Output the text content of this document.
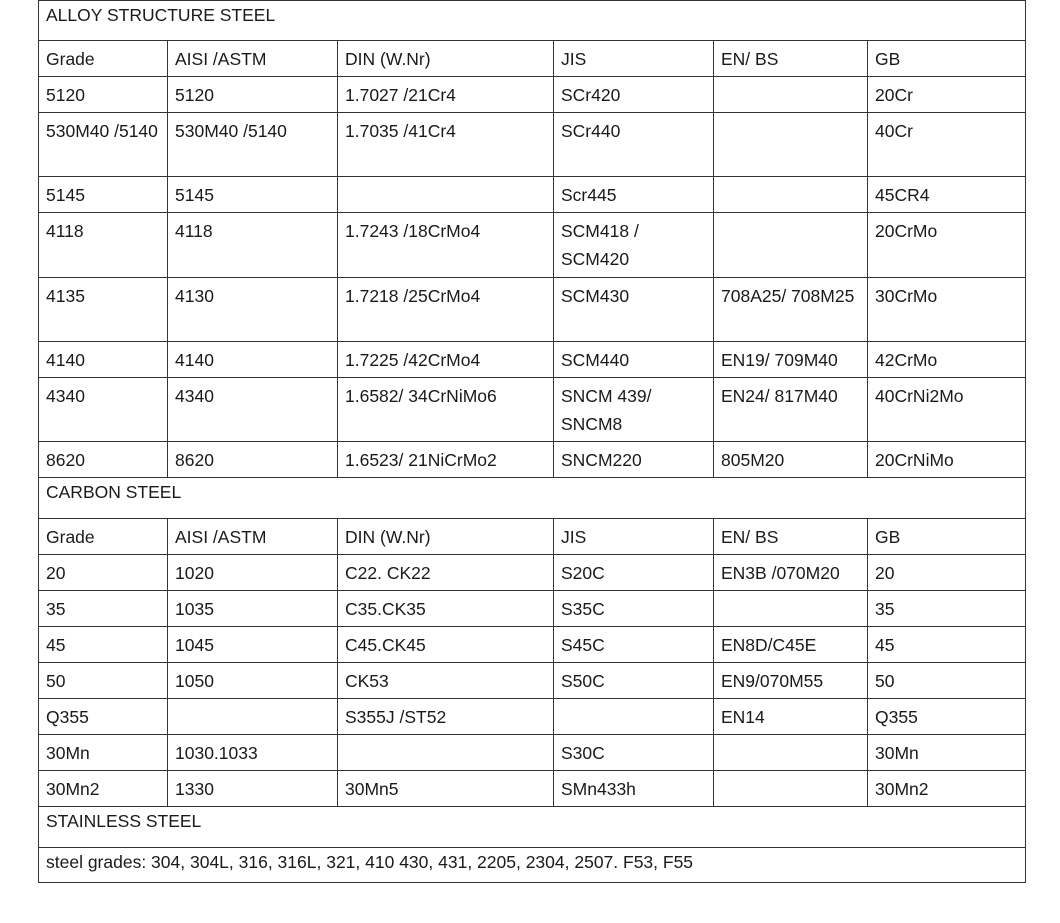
ALLOY STRUCTURE STEEL					
Grade	AISI /ASTM	DIN (W.Nr)	JIS	EN/ BS	GB
5120	5120	1.7027 /21Cr4	SCr420		20Cr
530M40 /5140	530M40 /5140	1.7035 /41Cr4	SCr440		40Cr
5145	5145		Scr445		45CR4
4118	4118	1.7243 /18CrMo4	SCM418 / SCM420		20CrMo
4135	4130	1.7218 /25CrMo4	SCM430	708A25/ 708M25	30CrMo
4140	4140	1.7225 /42CrMo4	SCM440	EN19/ 709M40	42CrMo
4340	4340	1.6582/ 34CrNiMo6	SNCM 439/ SNCM8	EN24/ 817M40	40CrNi2Mo
8620	8620	1.6523/ 21NiCrMo2	SNCM220	805M20	20CrNiMo
CARBON STEEL					
Grade	AISI /ASTM	DIN (W.Nr)	JIS	EN/ BS	GB
20	1020	C22. CK22	S20C	EN3B /070M20	20
35	1035	C35.CK35	S35C		35
45	1045	C45.CK45	S45C	EN8D/C45E	45
50	1050	CK53	S50C	EN9/070M55	50
Q355		S355J /ST52		EN14	Q355
30Mn	1030.1033		S30C		30Mn
30Mn2	1330	30Mn5	SMn433h		30Mn2
STAINLESS STEEL					
steel grades: 304, 304L, 316, 316L, 321, 410 430, 431, 2205, 2304, 2507. F53, F55					
